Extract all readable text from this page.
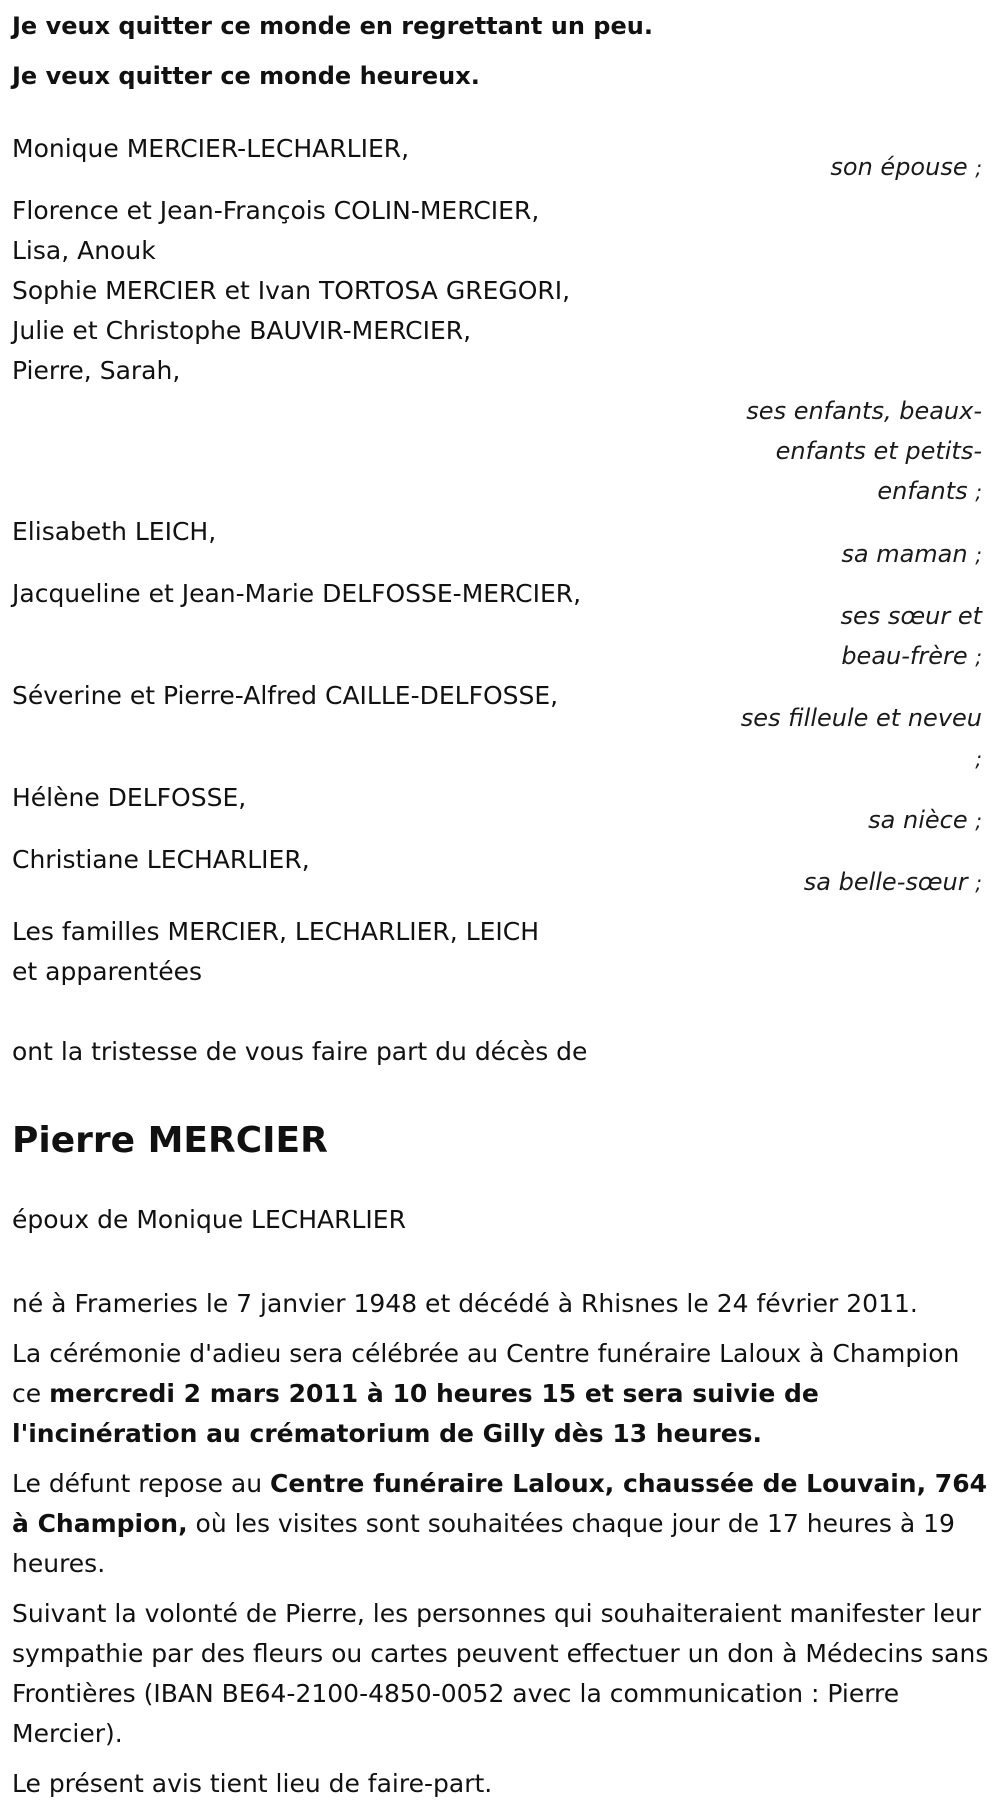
Je veux quitter ce monde en regrettant un peu.
Je veux quitter ce monde heureux.
Monique MERCIER-LECHARLIER,
son épouse ;
Florence et Jean-François COLIN-MERCIER,
Lisa, Anouk
Sophie MERCIER et Ivan TORTOSA GREGORI,
Julie et Christophe BAUVIR-MERCIER,
Pierre, Sarah,
ses enfants, beaux-
enfants et petits-
enfants ;
Elisabeth LEICH,
sa maman ;
Jacqueline et Jean-Marie DELFOSSE-MERCIER,
ses sœur et
beau-frère ;
Séverine et Pierre-Alfred CAILLE-DELFOSSE,
ses filleule et neveu
;
Hélène DELFOSSE,
sa nièce ;
Christiane LECHARLIER,
sa belle-sœur ;
Les familles MERCIER, LECHARLIER, LEICH
et apparentées
ont la tristesse de vous faire part du décès de
Pierre MERCIER
époux de Monique LECHARLIER

né à Frameries le 7 janvier 1948 et décédé à Rhisnes le 24 février 2011.

La cérémonie d'adieu sera célébrée au Centre funéraire Laloux à Champion ce mercredi 2 mars 2011 à 10 heures 15 et sera suivie de l'incinération au crématorium de Gilly dès 13 heures.

Le défunt repose au Centre funéraire Laloux, chaussée de Louvain, 764 à Champion, où les visites sont souhaitées chaque jour de 17 heures à 19 heures.

Suivant la volonté de Pierre, les personnes qui souhaiteraient manifester leur sympathie par des fleurs ou cartes peuvent effectuer un don à Médecins sans Frontières (IBAN BE64-2100-4850-0052 avec la communication : Pierre Mercier).

Le présent avis tient lieu de faire-part.
